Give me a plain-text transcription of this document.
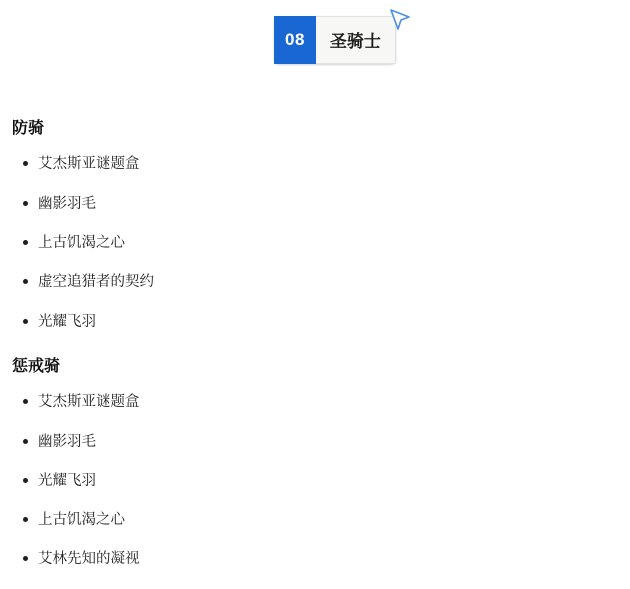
08	圣骑士
防骑
艾杰斯亚谜题盒
幽影羽毛
上古饥渴之心
虚空追猎者的契约
光耀飞羽
惩戒骑
艾杰斯亚谜题盒
幽影羽毛
光耀飞羽
上古饥渴之心
艾林先知的凝视
